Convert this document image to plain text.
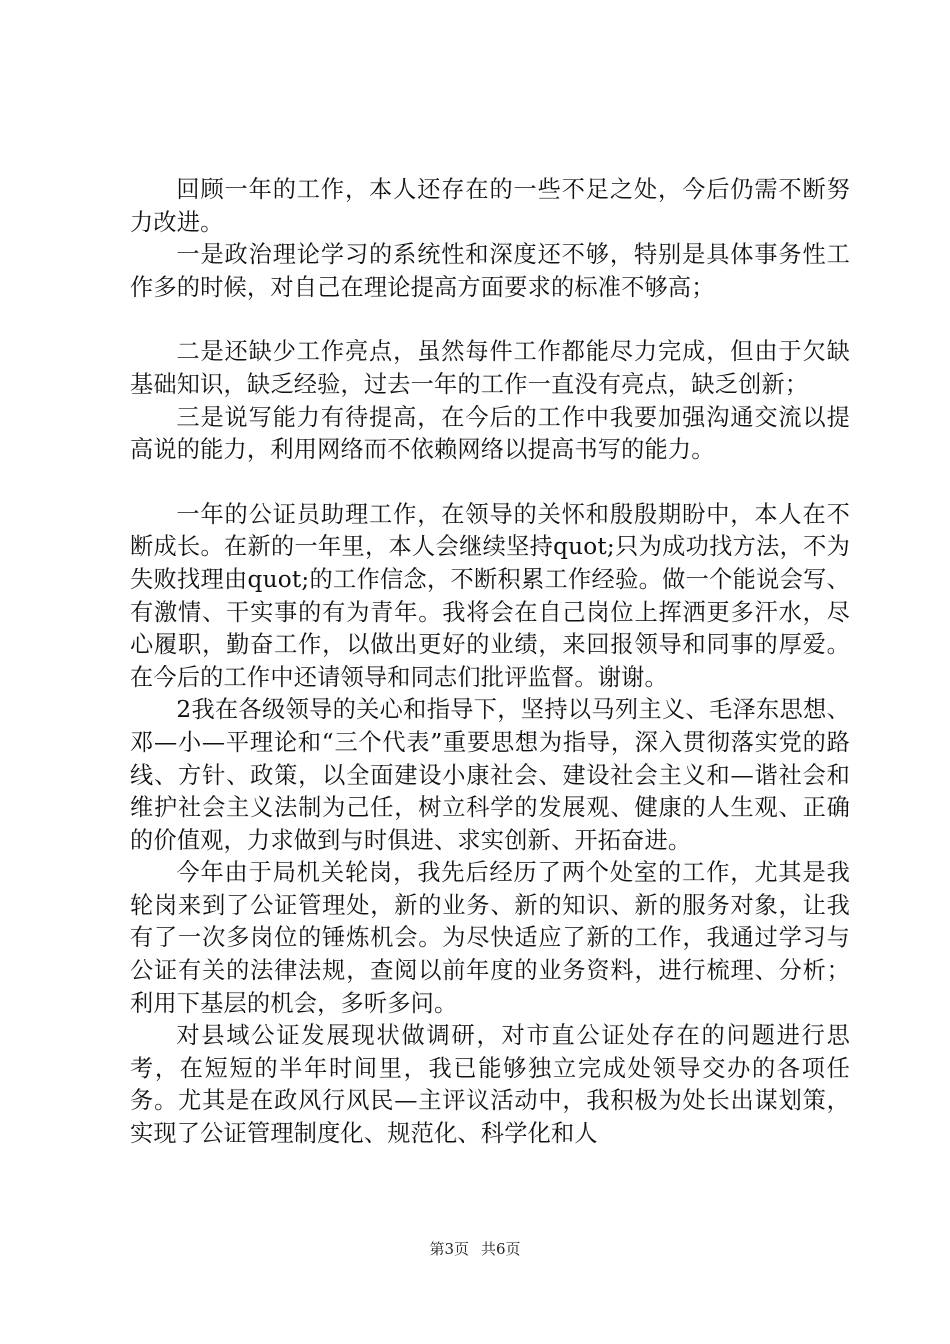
回顾一年的工作，本人还存在的一些不足之处，今后仍需不断努力改进。

一是政治理论学习的系统性和深度还不够，特别是具体事务性工作多的时候，对自己在理论提高方面要求的标准不够高；

二是还缺少工作亮点，虽然每件工作都能尽力完成，但由于欠缺基础知识，缺乏经验，过去一年的工作一直没有亮点，缺乏创新；

三是说写能力有待提高，在今后的工作中我要加强沟通交流以提高说的能力，利用网络而不依赖网络以提高书写的能力。

一年的公证员助理工作，在领导的关怀和殷殷期盼中，本人在不断成长。在新的一年里，本人会继续坚持quot;只为成功找方法，不为失败找理由quot;的工作信念，不断积累工作经验。做一个能说会写、有激情、干实事的有为青年。我将会在自己岗位上挥洒更多汗水，尽心履职，勤奋工作，以做出更好的业绩，来回报领导和同事的厚爱。在今后的工作中还请领导和同志们批评监督。谢谢。

2我在各级领导的关心和指导下，坚持以马列主义、毛泽东思想、邓—小—平理论和“三个代表”重要思想为指导，深入贯彻落实党的路线、方针、政策，以全面建设小康社会、建设社会主义和—谐社会和维护社会主义法制为己任，树立科学的发展观、健康的人生观、正确的价值观，力求做到与时俱进、求实创新、开拓奋进。

今年由于局机关轮岗，我先后经历了两个处室的工作，尤其是我轮岗来到了公证管理处，新的业务、新的知识、新的服务对象，让我有了一次多岗位的锤炼机会。为尽快适应了新的工作，我通过学习与公证有关的法律法规，查阅以前年度的业务资料，进行梳理、分析；利用下基层的机会，多听多问。

对县域公证发展现状做调研，对市直公证处存在的问题进行思考，在短短的半年时间里，我已能够独立完成处领导交办的各项任务。尤其是在政风行风民—主评议活动中，我积极为处长出谋划策，实现了公证管理制度化、规范化、科学化和人

第3页 共6页
